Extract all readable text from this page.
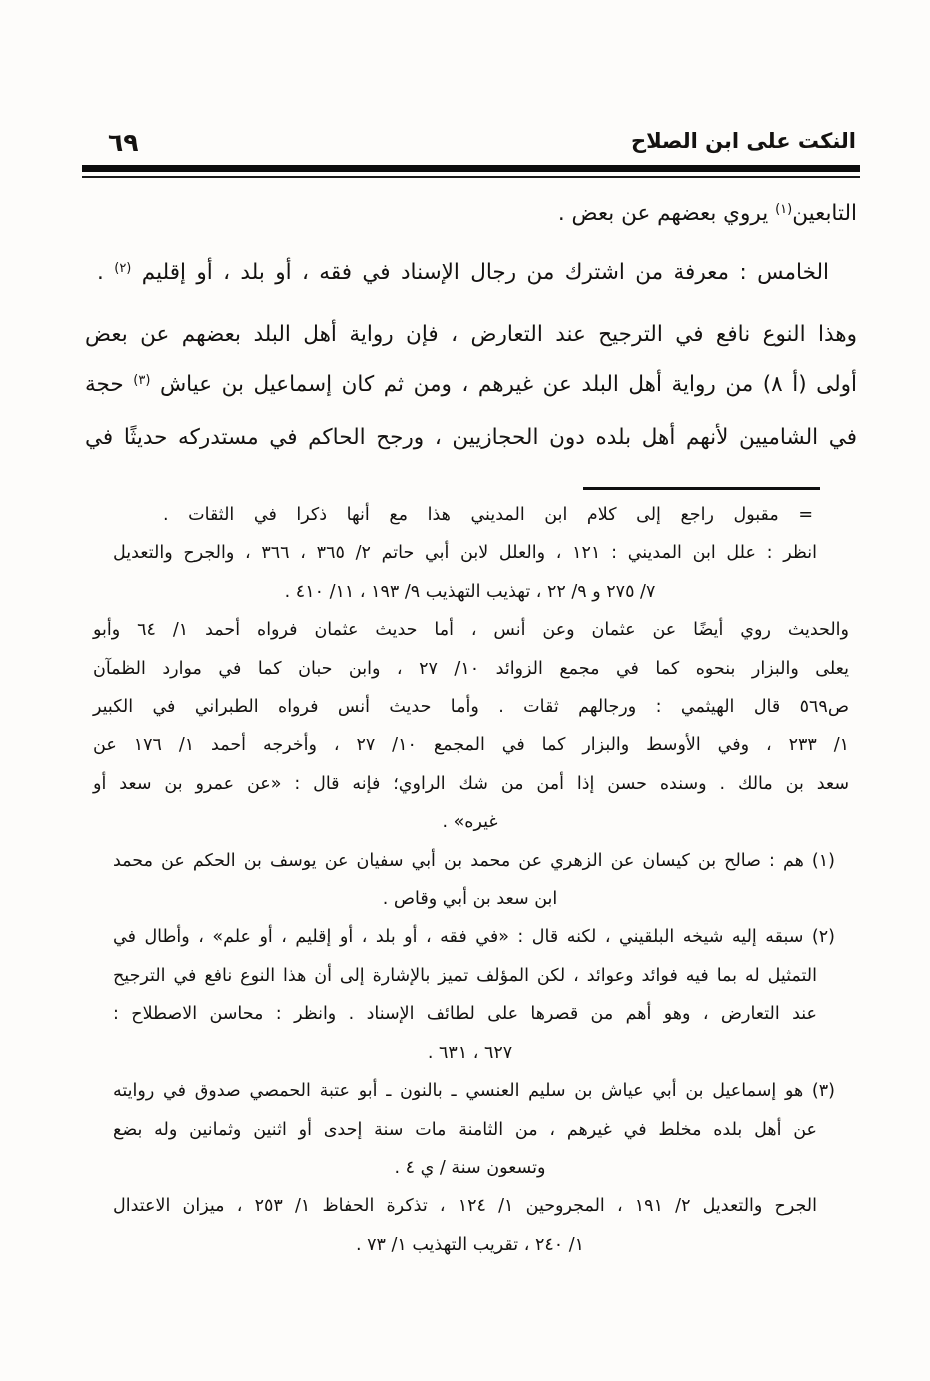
النكت على ابن الصلاح
٦٩

التابعين$^{(١)}$ يروي بعضهم عن بعض .

الخامس : معرفة من اشترك من رجال الإسناد في فقه ، أو بلد ، أو إقليم $^{(٢)}$ .

وهذا النوع نافع في الترجيح عند التعارض ، فإن رواية أهل البلد بعضهم عن بعض
أولى (أ ٨) من رواية أهل البلد عن غيرهم ، ومن ثم كان إسماعيل بن عياش $^{(٣)}$ حجة
في الشاميين لأنهم أهل بلده دون الحجازيين ، ورجح الحاكم في مستدركه حديثًا في
= مقبول راجع إلى كلام ابن المديني هذا مع أنها ذكرا في الثقات .
انظر : علل ابن المديني : ١٢١ ، والعلل لابن أبي حاتم ٢/ ٣٦٥ ، ٣٦٦ ، والجرح والتعديل
٧/ ٢٧٥ و ٩/ ٢٢ ، تهذيب التهذيب ٩/ ١٩٣ ، ١١/ ٤١٠ .
والحديث روي أيضًا عن عثمان وعن أنس ، أما حديث عثمان فرواه أحمد ١/ ٦٤ وأبو
يعلى والبزار بنحوه كما في مجمع الزوائد ١٠/ ٢٧ ، وابن حبان كما في موارد الظمآن
ص٥٦٩ قال الهيثمي : ورجالهم ثقات . وأما حديث أنس فرواه الطبراني في الكبير
١/ ٢٣٣ ، وفي الأوسط والبزار كما في المجمع ١٠/ ٢٧ ، وأخرجه أحمد ١/ ١٧٦ عن
سعد بن مالك . وسنده حسن إذا أمن من شك الراوي؛ فإنه قال : «عن عمرو بن سعد أو
غيره» .
(١) هم : صالح بن كيسان عن الزهري عن محمد بن أبي سفيان عن يوسف بن الحكم عن محمد
ابن سعد بن أبي وقاص .
(٢) سبقه إليه شيخه البلقيني ، لكنه قال : «في فقه ، أو بلد ، أو إقليم ، أو علم» ، وأطال في
التمثيل له بما فيه فوائد وعوائد ، لكن المؤلف تميز بالإشارة إلى أن هذا النوع نافع في الترجيح
عند التعارض ، وهو أهم من قصرها على لطائف الإسناد . وانظر : محاسن الاصطلاح :
٦٢٧ ، ٦٣١ .
(٣) هو إسماعيل بن أبي عياش بن سليم العنسي ـ بالنون ـ أبو عتبة الحمصي صدوق في روايته
عن أهل بلده مخلط في غيرهم ، من الثامنة مات سنة إحدى أو اثنين وثمانين وله بضع
وتسعون سنة / ي ٤ .
الجرح والتعديل ٢/ ١٩١ ، المجروحين ١/ ١٢٤ ، تذكرة الحفاظ ١/ ٢٥٣ ، ميزان الاعتدال
١/ ٢٤٠ ، تقريب التهذيب ١/ ٧٣ .
